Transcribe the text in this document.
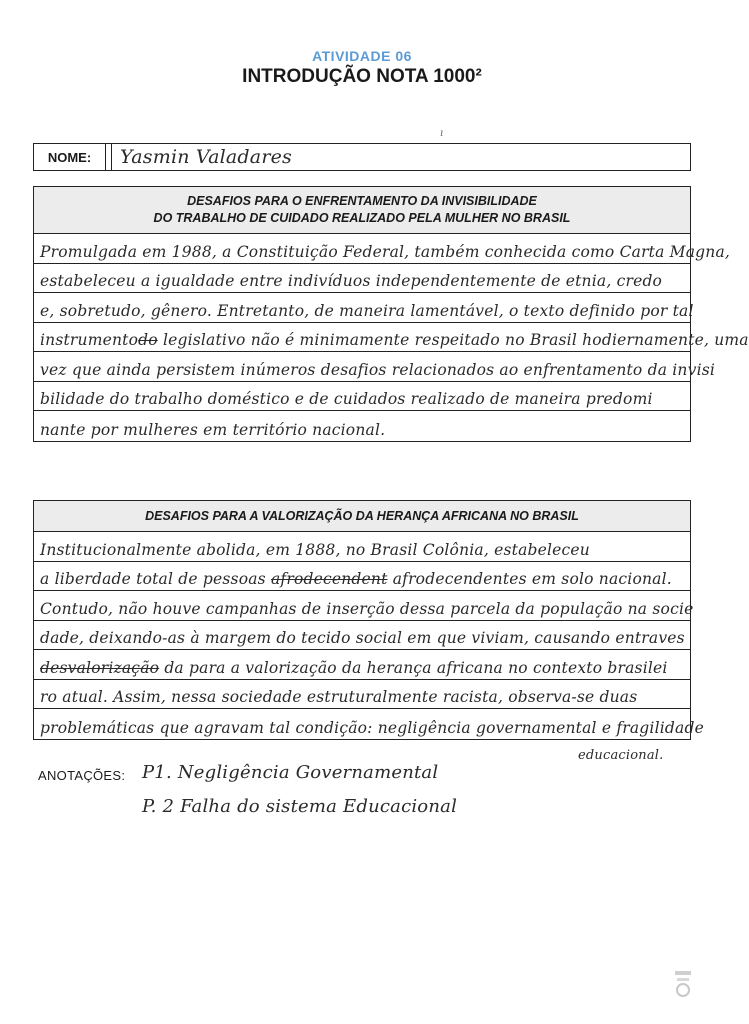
ATIVIDADE 06
INTRODUÇÃO NOTA 1000²
ı
NOME:	Yasmin Valadares
DESAFIOS PARA O ENFRENTAMENTO DA INVISIBILIDADE
DO TRABALHO DE CUIDADO REALIZADO PELA MULHER NO BRASIL
Promulgada em 1988, a Constituição Federal, também conhecida como Carta Magna,
estabeleceu a igualdade entre indivíduos independentemente de etnia, credo
e, sobretudo, gênero. Entretanto, de maneira lamentável, o texto definido por tal
instrumento do
legislativo não é minimamente respeitado no Brasil hodiernamente, uma
vez que ainda persistem inúmeros desafios relacionados ao enfrentamento da invisi
bilidade do trabalho doméstico e de cuidados realizado de maneira predomi
nante por mulheres em território nacional.
DESAFIOS PARA A VALORIZAÇÃO DA HERANÇA AFRICANA NO BRASIL
Institucionalmente abolida, em 1888, no Brasil Colônia, estabeleceu
a liberdade total de pessoas
afrodecendent
afrodecendentes em solo nacional.
Contudo, não houve campanhas de inserção dessa parcela da população na socie
dade, deixando-as à margem do tecido social em que viviam, causando entraves
desvalorização
da para a valorização da herança africana no contexto brasilei
ro atual. Assim, nessa sociedade estruturalmente racista, observa-se duas
problemáticas que agravam tal condição: negligência governamental e fragilidade
educacional.
ANOTAÇÕES: P1. Negligência Governamental
P. 2 Falha do sistema Educacional
